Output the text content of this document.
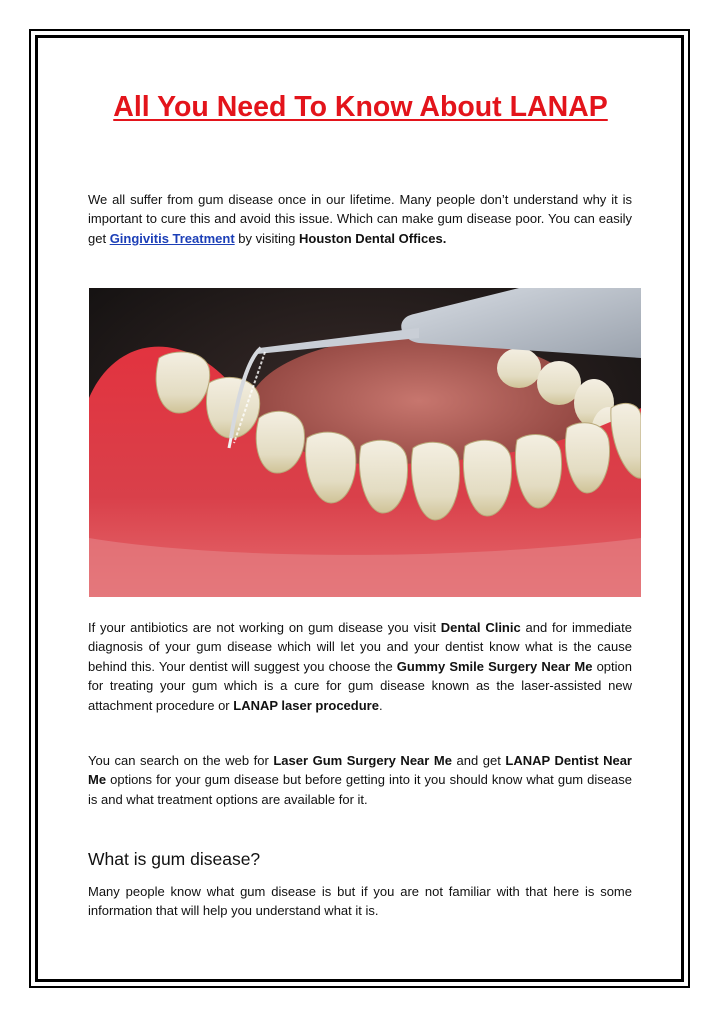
All You Need To Know About LANAP

We all suffer from gum disease once in our lifetime. Many people don’t understand why it is important to cure this and avoid this issue. Which can make gum disease poor. You can easily get Gingivitis Treatment by visiting Houston Dental Offices.

If your antibiotics are not working on gum disease you visit Dental Clinic and for immediate diagnosis of your gum disease which will let you and your dentist know what is the cause behind this. Your dentist will suggest you choose the Gummy Smile Surgery Near Me option for treating your gum which is a cure for gum disease known as the laser-assisted new attachment procedure or LANAP laser procedure.

You can search on the web for Laser Gum Surgery Near Me and get LANAP Dentist Near Me options for your gum disease but before getting into it you should know what gum disease is and what treatment options are available for it.

What is gum disease?

Many people know what gum disease is but if you are not familiar with that here is some information that will help you understand what it is.
